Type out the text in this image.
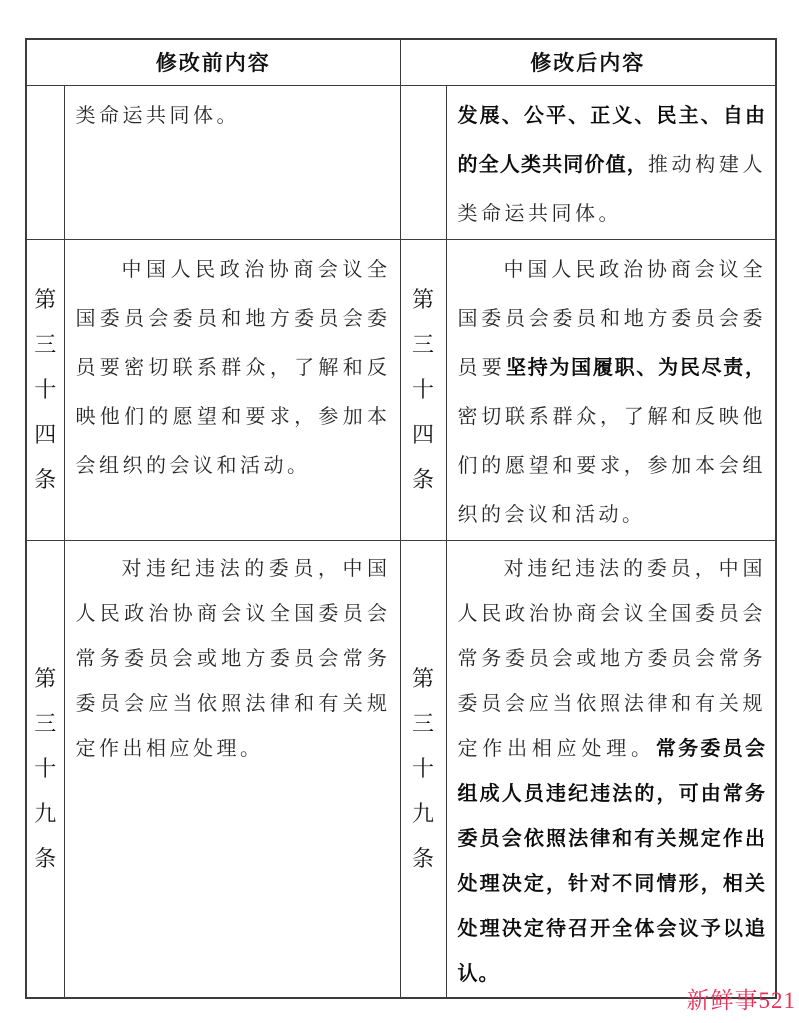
修改前内容		修改后内容	

	类命运共同体。		发展、公平、正义、民主、自由的全人类共同价值，推动构建人类命运共同体。

第三十四条	中国人民政治协商会议全国委员会委员和地方委员会委员要密切联系群众，了解和反映他们的愿望和要求，参加本会组织的会议和活动。	第三十四条	中国人民政治协商会议全国委员会委员和地方委员会委员要坚持为国履职、为民尽责，密切联系群众，了解和反映他们的愿望和要求，参加本会组织的会议和活动。

第三十九条	对违纪违法的委员，中国人民政治协商会议全国委员会常务委员会或地方委员会常务委员会应当依照法律和有关规定作出相应处理。	第三十九条	对违纪违法的委员，中国人民政治协商会议全国委员会常务委员会或地方委员会常务委员会应当依照法律和有关规定作出相应处理。常务委员会组成人员违纪违法的，可由常务委员会依照法律和有关规定作出处理决定，针对不同情形，相关处理决定待召开全体会议予以追认。
新鲜事521
